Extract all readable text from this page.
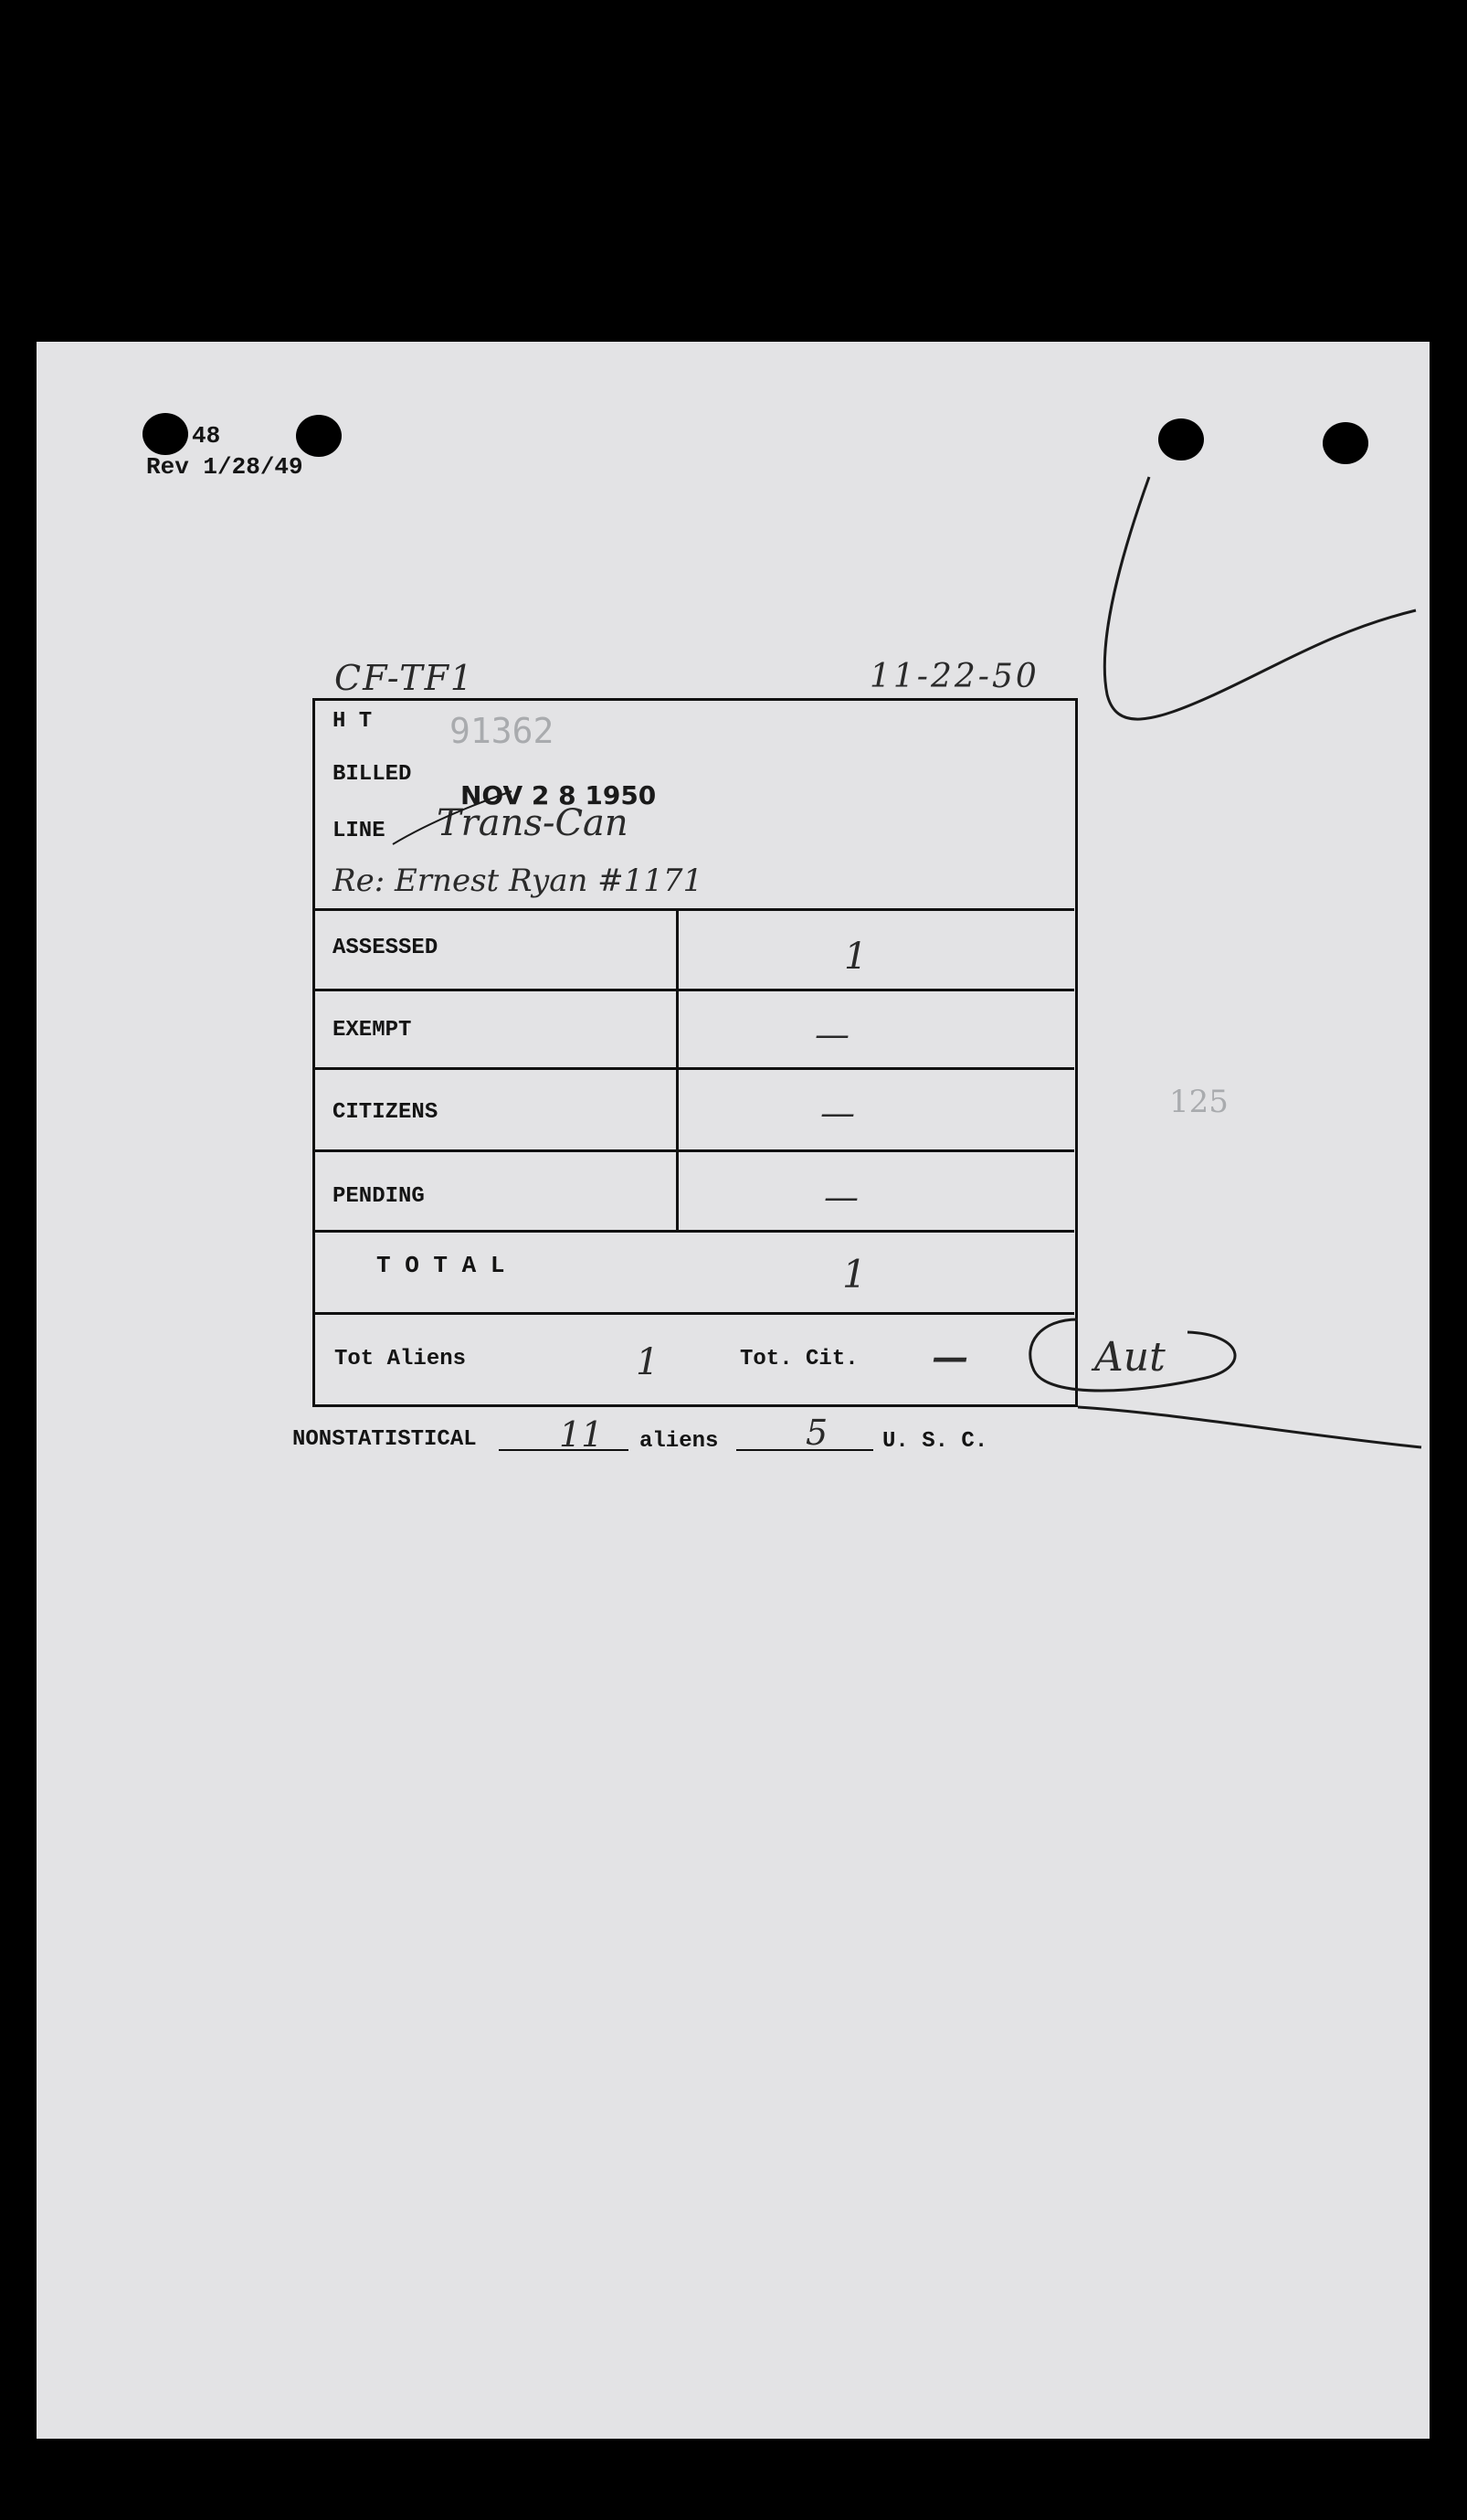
48
Rev 1/28/49
CF-TF1	11-22-50
H T 91362
BILLED
NOV 2 8 1950
LINE Trans-Can
Re: Ernest Ryan #1171
ASSESSED	1
EXEMPT	—
CITIZENS	—
PENDING	—
T O T A L	1
Tot Aliens	1	Tot. Cit. —
NONSTATISTICAL 11 aliens	5 U. S. C.
125
Aut
